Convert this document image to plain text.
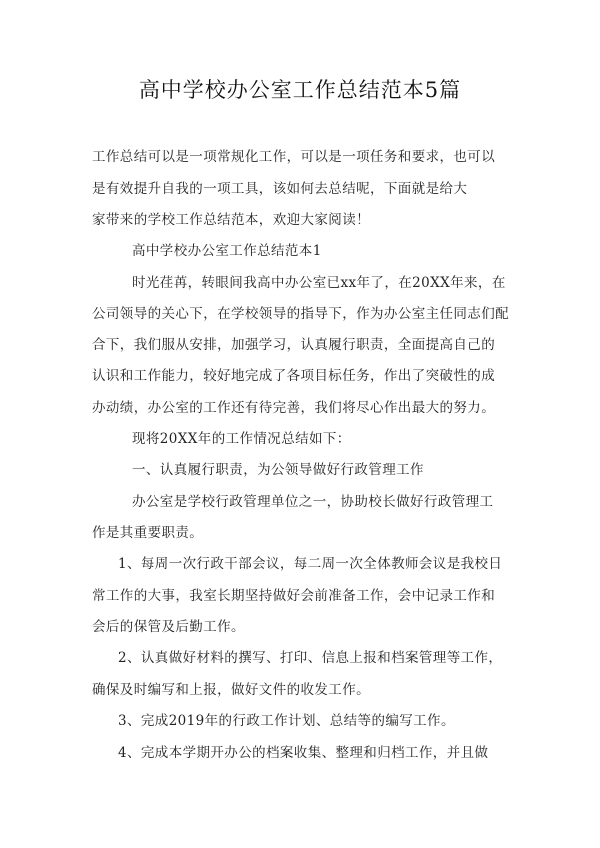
高中学校办公室工作总结范本5篇
工作总结可以是一项常规化工作，可以是一项任务和要求，也可以
是有效提升自我的一项工具，该如何去总结呢，下面就是给大
家带来的学校工作总结范本，欢迎大家阅读！
高中学校办公室工作总结范本1
时光荏苒，转眼间我高中办公室已xx年了，在20XX年来，在
公司领导的关心下，在学校领导的指导下，作为办公室主任同志们配
合下，我们服从安排，加强学习，认真履行职责，全面提高自己的
认识和工作能力，较好地完成了各项目标任务，作出了突破性的成
办动绩，办公室的工作还有待完善，我们将尽心作出最大的努力。
现将20XX年的工作情况总结如下：
一、认真履行职责，为公领导做好行政管理工作
办公室是学校行政管理单位之一，协助校长做好行政管理工
作是其重要职责。
1、每周一次行政干部会议，每二周一次全体教师会议是我校日
常工作的大事，我室长期坚持做好会前准备工作，会中记录工作和
会后的保管及后勤工作。
2、认真做好材料的撰写、打印、信息上报和档案管理等工作，
确保及时编写和上报，做好文件的收发工作。
3、完成2019年的行政工作计划、总结等的编写工作。
4、完成本学期开办公的档案收集、整理和归档工作，并且做
